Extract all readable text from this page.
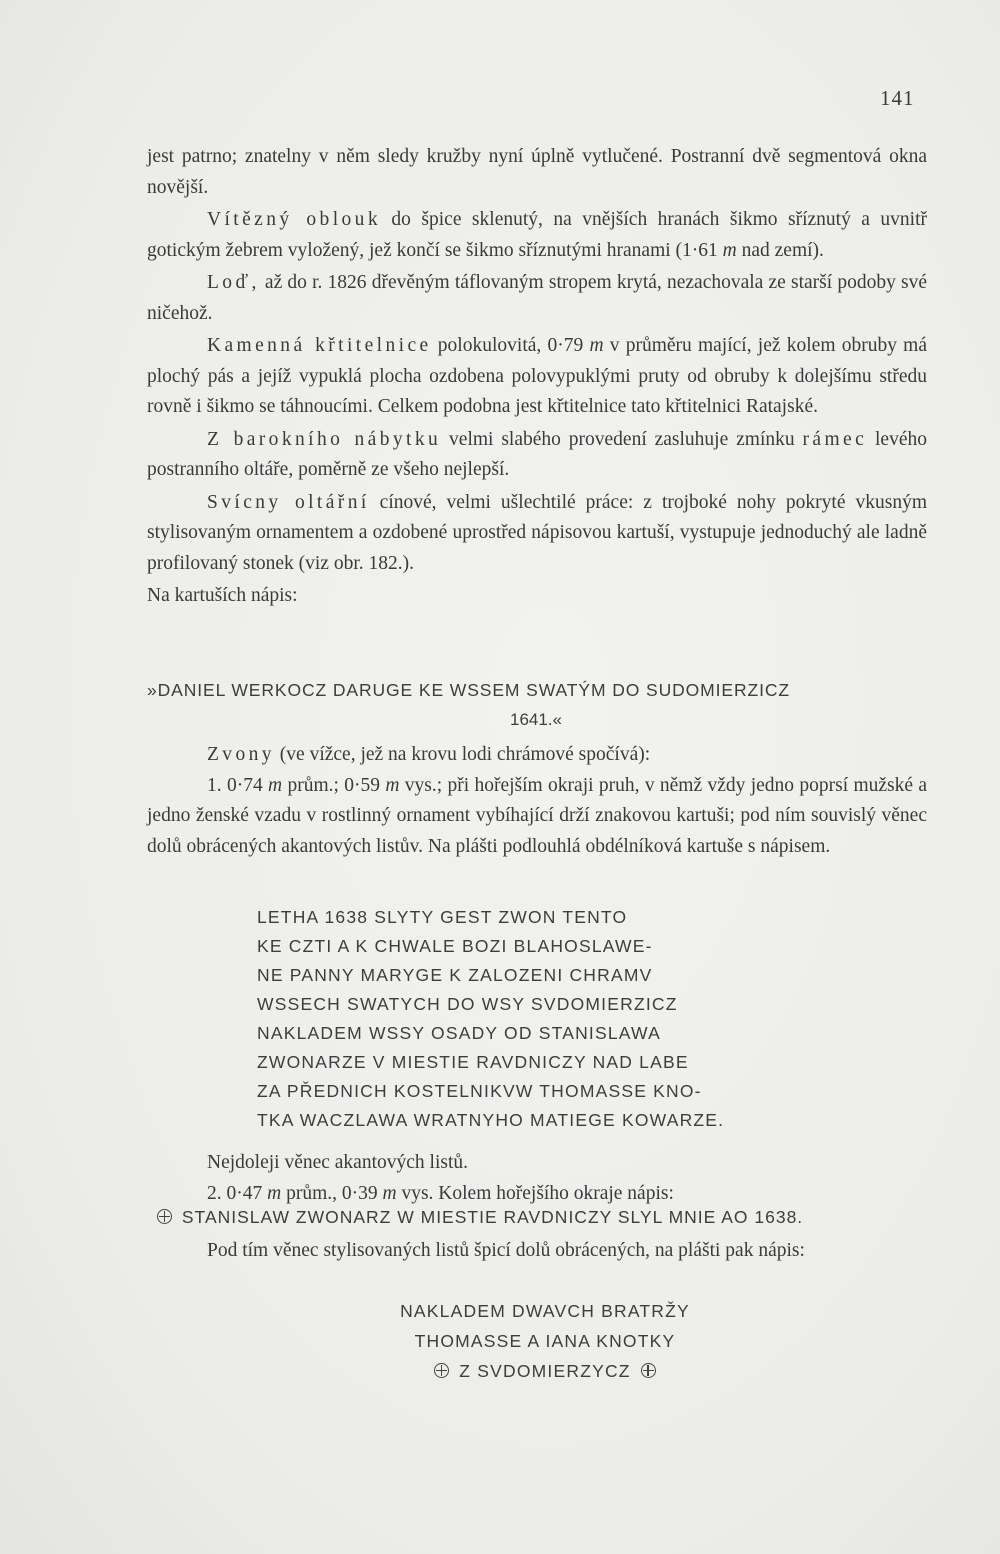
141

jest patrno; znatelny v něm sledy kružby nyní úplně vytlučené. Postranní dvě segmentová okna novější.

Vítězný oblouk do špice sklenutý, na vnějších hranách šikmo sříznutý a uvnitř gotickým žebrem vyložený, jež končí se šikmo sříznutými hranami (1·61 m nad zemí).

Loď, až do r. 1826 dřevěným táflovaným stropem krytá, nezachovala ze starší podoby své ničehož.

Kamenná křtitelnice polokulovitá, 0·79 m v průměru mající, jež kolem obruby má plochý pás a jejíž vypuklá plocha ozdobena polovypuklými pruty od obruby k dolejšímu středu rovně i šikmo se táhnoucími. Celkem podobna jest křtitelnice tato křtitelnici Ratajské.

Z barokního nábytku velmi slabého provedení zasluhuje zmínku rámec levého postranního oltáře, poměrně ze všeho nejlepší.

Svícny oltářní cínové, velmi ušlechtilé práce: z trojboké nohy pokryté vkusným stylisovaným ornamentem a ozdobené uprostřed nápisovou kartuší, vystupuje jednoduchý ale ladně profilovaný stonek (viz obr. 182.).

Na kartuších nápis:

»DANIEL WERKOCZ DARUGE KE WSSEM SWATÝM DO SUDOMIERZICZ
1641.«

Zvony (ve vížce, jež na krovu lodi chrámové spočívá):

1. 0·74 m prům.; 0·59 m vys.; při hořejším okraji pruh, v němž vždy jedno poprsí mužské a jedno ženské vzadu v rostlinný ornament vybíhající drží znakovou kartuši; pod ním souvislý věnec dolů obrácených akantových listův. Na plášti podlouhlá obdélníková kartuše s nápisem.

LETHA 1638 SLYTY GEST ZWON TENTO
KE CZTI A K CHWALE BOZI BLAHOSLAWE-
NE PANNY MARYGE K ZALOZENI CHRAMV
WSSECH SWATYCH DO WSY SVDOMIERZICZ
NAKLADEM WSSY OSADY OD STANISLAWA
ZWONARZE V MIESTIE RAVDNICZY NAD LABE
ZA PŘEDNICH KOSTELNIKVW THOMASSE KNO-
TKA WACZLAWA WRATNYHO MATIEGE KOWARZE.

Nejdoleji věnec akantových listů.

2. 0·47 m prům., 0·39 m vys. Kolem hořejšího okraje nápis:

STANISLAW ZWONARZ W MIESTIE RAVDNICZY SLYL MNIE AO 1638.

Pod tím věnec stylisovaných listů špicí dolů obrácených, na plášti pak nápis:

NAKLADEM DWAVCH BRATRŽY
THOMASSE A IANA KNOTKY
Z SVDOMIERZYCZ
